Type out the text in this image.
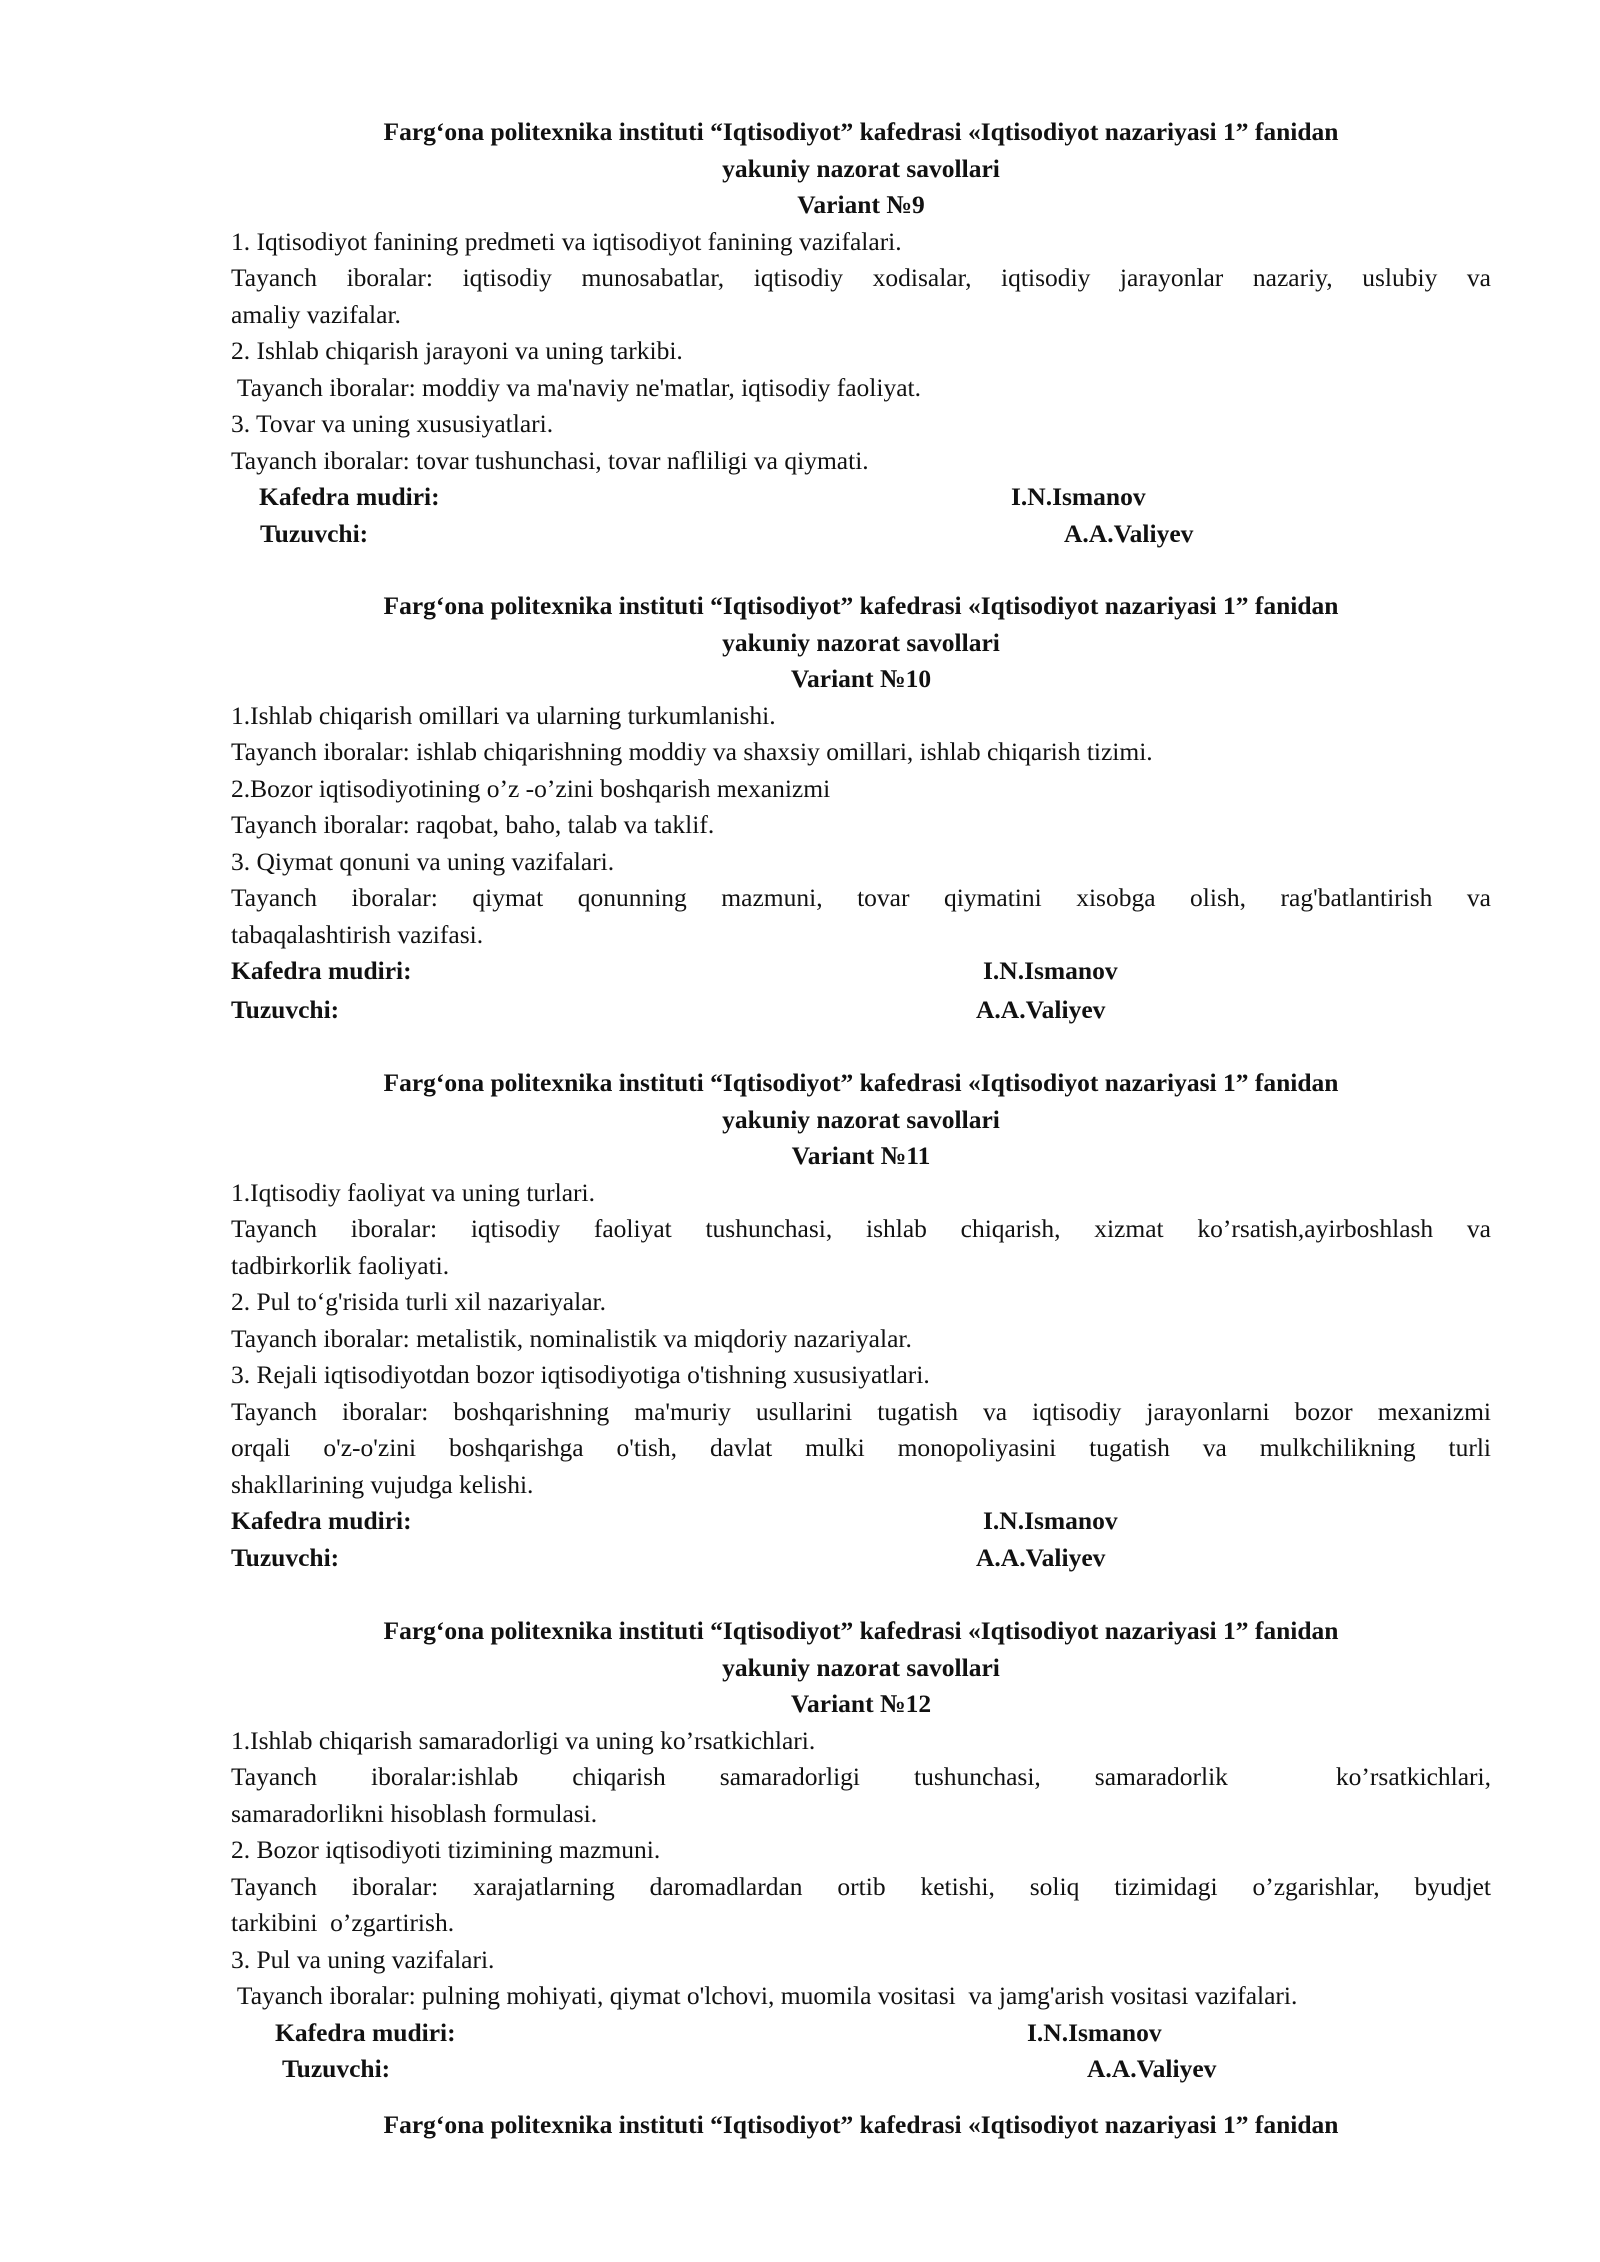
Farg‘ona politexnika instituti “Iqtisodiyot” kafedrasi «Iqtisodiyot nazariyasi 1” fanidan
yakuniy nazorat savollari
Variant №9
1. Iqtisodiyot fanining predmeti va iqtisodiyot fanining vazifalari.
Tayanch iboralar: iqtisodiy munosabatlar, iqtisodiy xodisalar, iqtisodiy jarayonlar nazariy, uslubiy va
amaliy vazifalar.
2. Ishlab chiqarish jarayoni va uning tarkibi.
Tayanch iboralar: moddiy va ma'naviy ne'matlar, iqtisodiy faoliyat.
3. Tovar va uning xususiyatlari.
Tayanch iboralar: tovar tushunchasi, tovar nafliligi va qiymati.
Kafedra mudiri:	I.N.Ismanov
Tuzuvchi:	A.A.Valiyev
Farg‘ona politexnika instituti “Iqtisodiyot” kafedrasi «Iqtisodiyot nazariyasi 1” fanidan
yakuniy nazorat savollari
Variant №10
1.Ishlab chiqarish omillari va ularning turkumlanishi.
Tayanch iboralar: ishlab chiqarishning moddiy va shaxsiy omillari, ishlab chiqarish tizimi.
2.Bozor iqtisodiyotining o’z -o’zini boshqarish mexanizmi
Tayanch iboralar: raqobat, baho, talab va taklif.
3. Qiymat qonuni va uning vazifalari.
Tayanch iboralar: qiymat qonunning mazmuni, tovar qiymatini xisobga olish, rag'batlantirish va
tabaqalashtirish vazifasi.
Kafedra mudiri:	I.N.Ismanov
Tuzuvchi:	A.A.Valiyev
Farg‘ona politexnika instituti “Iqtisodiyot” kafedrasi «Iqtisodiyot nazariyasi 1” fanidan
yakuniy nazorat savollari
Variant №11
1.Iqtisodiy faoliyat va uning turlari.
Tayanch iboralar: iqtisodiy faoliyat tushunchasi, ishlab chiqarish, xizmat ko’rsatish,ayirboshlash va
tadbirkorlik faoliyati.
2. Pul to‘g'risida turli xil nazariyalar.
Tayanch iboralar: metalistik, nominalistik va miqdoriy nazariyalar.
3. Rejali iqtisodiyotdan bozor iqtisodiyotiga o'tishning xususiyatlari.
Tayanch iboralar: boshqarishning ma'muriy usullarini tugatish va iqtisodiy jarayonlarni bozor mexanizmi
orqali o'z-o'zini boshqarishga o'tish, davlat mulki monopoliyasini tugatish va mulkchilikning turli
shakllarining vujudga kelishi.
Kafedra mudiri:	I.N.Ismanov
Tuzuvchi:	A.A.Valiyev
Farg‘ona politexnika instituti “Iqtisodiyot” kafedrasi «Iqtisodiyot nazariyasi 1” fanidan
yakuniy nazorat savollari
Variant №12
1.Ishlab chiqarish samaradorligi va uning ko’rsatkichlari.
Tayanch iboralar:ishlab chiqarish samaradorligi tushunchasi, samaradorlik  ko’rsatkichlari,
samaradorlikni hisoblash formulasi.
2. Bozor iqtisodiyoti tizimining mazmuni.
Tayanch iboralar: xarajatlarning daromadlardan ortib ketishi, soliq tizimidagi o’zgarishlar, byudjet
tarkibini  o’zgartirish.
3. Pul va uning vazifalari.
Tayanch iboralar: pulning mohiyati, qiymat o'lchovi, muomila vositasi  va jamg'arish vositasi vazifalari.
Kafedra mudiri:	I.N.Ismanov
Tuzuvchi:	A.A.Valiyev
Farg‘ona politexnika instituti “Iqtisodiyot” kafedrasi «Iqtisodiyot nazariyasi 1” fanidan
